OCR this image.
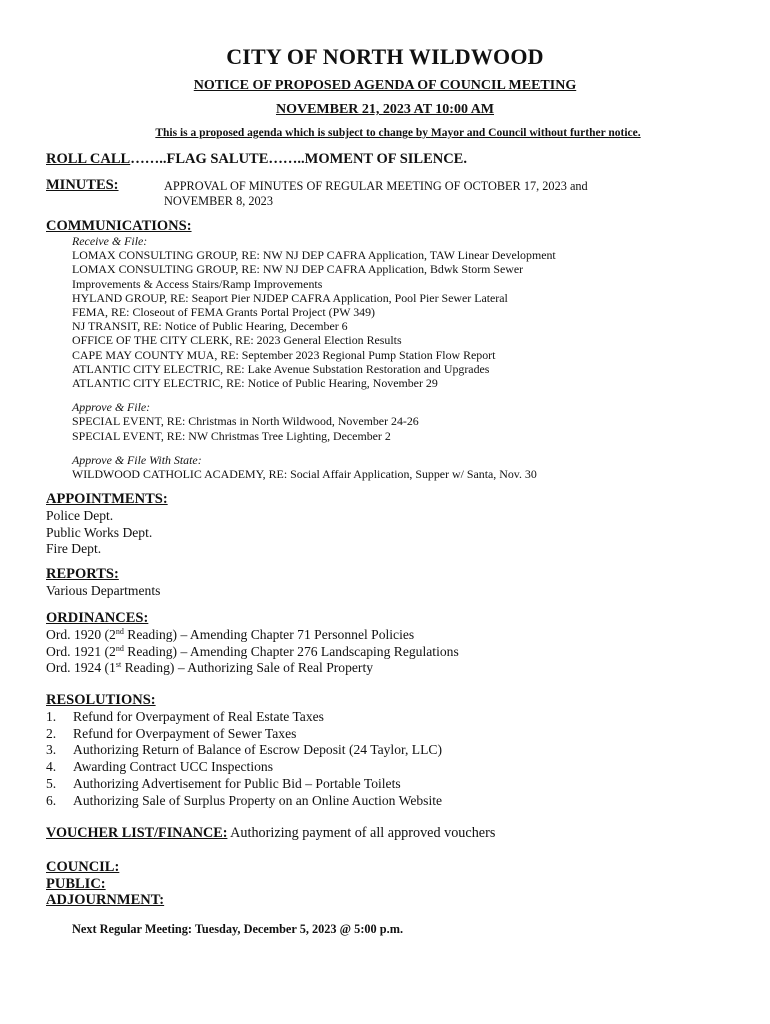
CITY OF NORTH WILDWOOD
NOTICE OF PROPOSED AGENDA OF COUNCIL MEETING
NOVEMBER 21, 2023 AT 10:00 AM
This is a proposed agenda which is subject to change by Mayor and Council without further notice.
ROLL CALL……..FLAG SALUTE……..MOMENT OF SILENCE.
MINUTES:	APPROVAL OF MINUTES OF REGULAR MEETING OF OCTOBER 17, 2023 and
NOVEMBER 8, 2023
COMMUNICATIONS:
Receive & File:
LOMAX CONSULTING GROUP, RE: NW NJ DEP CAFRA Application, TAW Linear Development
LOMAX CONSULTING GROUP, RE: NW NJ DEP CAFRA Application, Bdwk Storm Sewer
Improvements & Access Stairs/Ramp Improvements
HYLAND GROUP, RE: Seaport Pier NJDEP CAFRA Application, Pool Pier Sewer Lateral
FEMA, RE: Closeout of FEMA Grants Portal Project (PW 349)
NJ TRANSIT, RE: Notice of Public Hearing, December 6
OFFICE OF THE CITY CLERK, RE: 2023 General Election Results
CAPE MAY COUNTY MUA, RE: September 2023 Regional Pump Station Flow Report
ATLANTIC CITY ELECTRIC, RE: Lake Avenue Substation Restoration and Upgrades
ATLANTIC CITY ELECTRIC, RE: Notice of Public Hearing, November 29
Approve & File:
SPECIAL EVENT, RE: Christmas in North Wildwood, November 24-26
SPECIAL EVENT, RE: NW Christmas Tree Lighting, December 2
Approve & File With State:
WILDWOOD CATHOLIC ACADEMY, RE: Social Affair Application, Supper w/ Santa, Nov. 30
APPOINTMENTS:
Police Dept.
Public Works Dept.
Fire Dept.
REPORTS:
Various Departments
ORDINANCES:
Ord. 1920 (2nd Reading) – Amending Chapter 71 Personnel Policies
Ord. 1921 (2nd Reading) – Amending Chapter 276 Landscaping Regulations
Ord. 1924 (1st Reading) – Authorizing Sale of Real Property
RESOLUTIONS:
1.	Refund for Overpayment of Real Estate Taxes
2.	Refund for Overpayment of Sewer Taxes
3.	Authorizing Return of Balance of Escrow Deposit (24 Taylor, LLC)
4.	Awarding Contract UCC Inspections
5.	Authorizing Advertisement for Public Bid – Portable Toilets
6.	Authorizing Sale of Surplus Property on an Online Auction Website
VOUCHER LIST/FINANCE: Authorizing payment of all approved vouchers
COUNCIL:
PUBLIC:
ADJOURNMENT:
Next Regular Meeting: Tuesday, December 5, 2023 @ 5:00 p.m.
